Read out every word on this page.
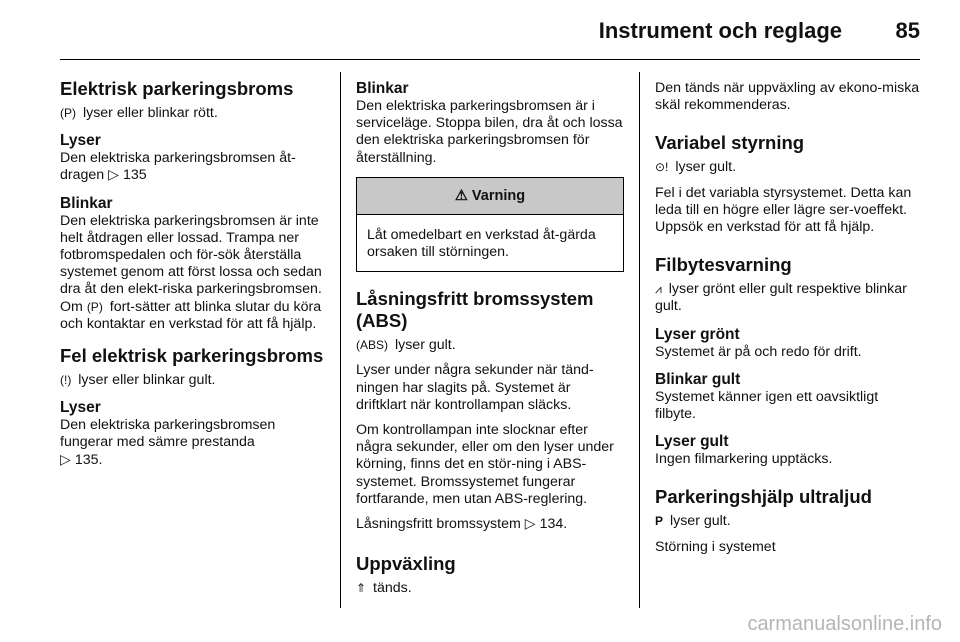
Instrument och reglage 85
Elektrisk parkeringsbroms

(P) lyser eller blinkar rött.

Lyser

Den elektriska parkeringsbromsen åt-dragen ▷ 135

Blinkar

Den elektriska parkeringsbromsen är inte helt åtdragen eller lossad. Trampa ner fotbromspedalen och för-sök återställa systemet genom att först lossa och sedan dra åt den elekt-riska parkeringsbromsen. Om (P) fort-sätter att blinka slutar du köra och kontaktar en verkstad för att få hjälp.

Fel elektrisk parkeringsbroms

(!) lyser eller blinkar gult.

Lyser

Den elektriska parkeringsbromsen fungerar med sämre prestanda
▷ 135.

Blinkar

Den elektriska parkeringsbromsen är i serviceläge. Stoppa bilen, dra åt och lossa den elektriska parkeringsbromsen för återställning.

⚠ Varning
Låt omedelbart en verkstad åt-gärda orsaken till störningen.
Låsningsfritt bromssystem (ABS)

(ABS) lyser gult.

Lyser under några sekunder när tänd-ningen har slagits på. Systemet är driftklart när kontrollampan släcks.

Om kontrollampan inte slocknar efter några sekunder, eller om den lyser under körning, finns det en stör-ning i ABS-systemet. Bromssystemet fungerar fortfarande, men utan ABS-reglering.

Låsningsfritt bromssystem ▷ 134.

Uppväxling

⇑ tänds.

Den tänds när uppväxling av ekono-miska skäl rekommenderas.

Variabel styrning

⊙! lyser gult.

Fel i det variabla styrsystemet. Detta kan leda till en högre eller lägre ser-voeffekt. Uppsök en verkstad för att få hjälp.

Filbytesvarning

⩘ lyser grönt eller gult respektive blinkar gult.

Lyser grönt

Systemet är på och redo för drift.

Blinkar gult

Systemet känner igen ett oavsiktligt filbyte.

Lyser gult

Ingen filmarkering upptäcks.

Parkeringshjälp ultraljud

P lyser gult.

Störning i systemet

carmanualsonline.info
